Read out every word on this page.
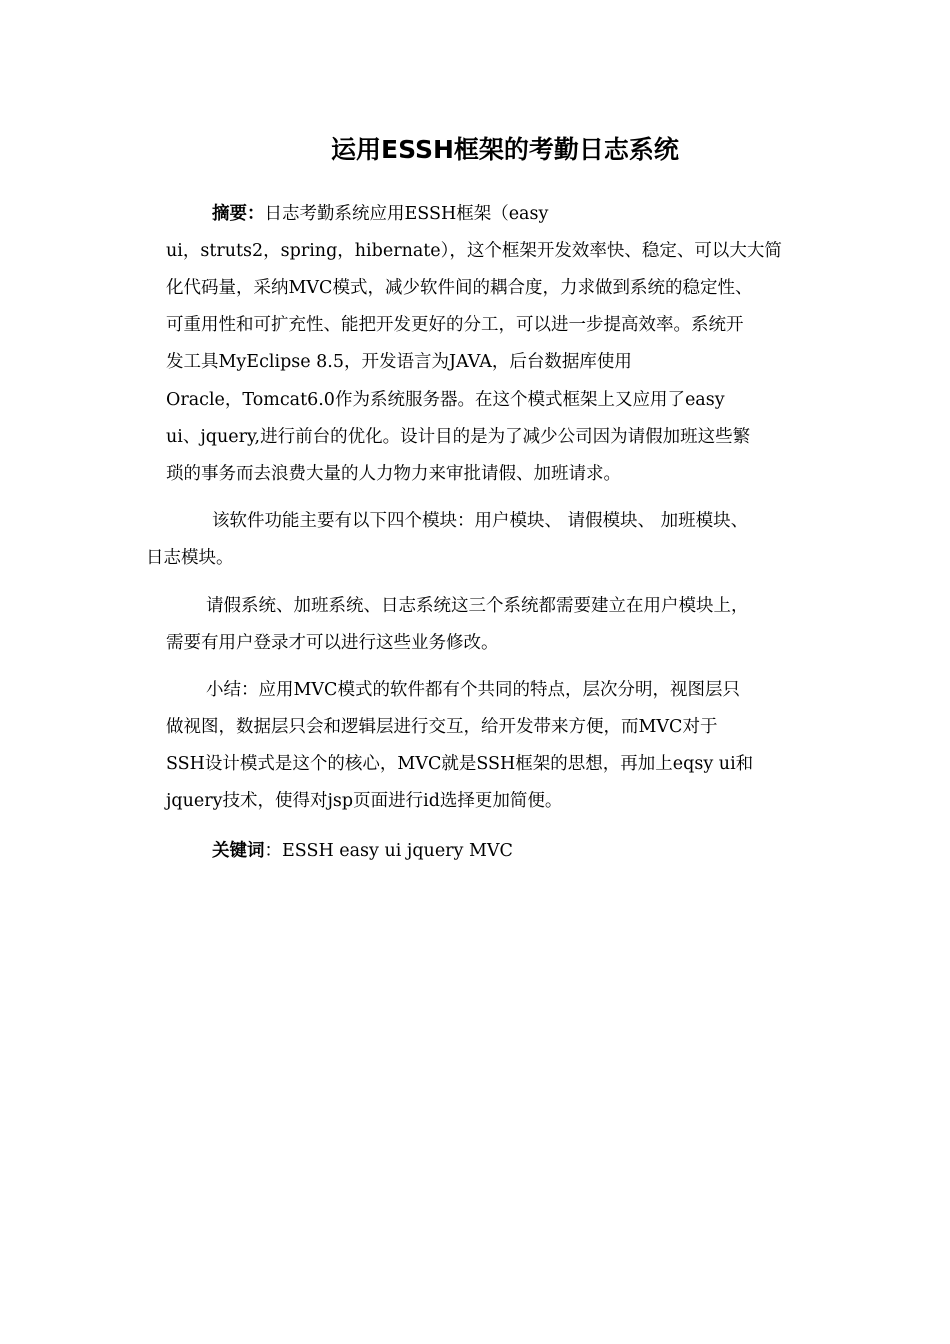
运用ESSH框架的考勤日志系统
摘要：日志考勤系统应用ESSH框架（easy
ui，struts2，spring，hibernate），这个框架开发效率快、稳定、可以大大简
化代码量，采纳MVC模式，减少软件间的耦合度，力求做到系统的稳定性、
可重用性和可扩充性、能把开发更好的分工，可以进一步提高效率。系统开
发工具MyEclipse 8.5，开发语言为JAVA，后台数据库使用
Oracle，Tomcat6.0作为系统服务器。在这个模式框架上又应用了easy
ui、jquery,进行前台的优化。设计目的是为了减少公司因为请假加班这些繁
琐的事务而去浪费大量的人力物力来审批请假、加班请求。
该软件功能主要有以下四个模块：用户模块、 请假模块、 加班模块、
日志模块。
请假系统、加班系统、日志系统这三个系统都需要建立在用户模块上，
需要有用户登录才可以进行这些业务修改。
小结：应用MVC模式的软件都有个共同的特点，层次分明，视图层只
做视图，数据层只会和逻辑层进行交互，给开发带来方便，而MVC对于
SSH设计模式是这个的核心，MVC就是SSH框架的思想，再加上eqsy ui和
jquery技术，使得对jsp页面进行id选择更加简便。
关键词：ESSH easy ui jquery MVC
